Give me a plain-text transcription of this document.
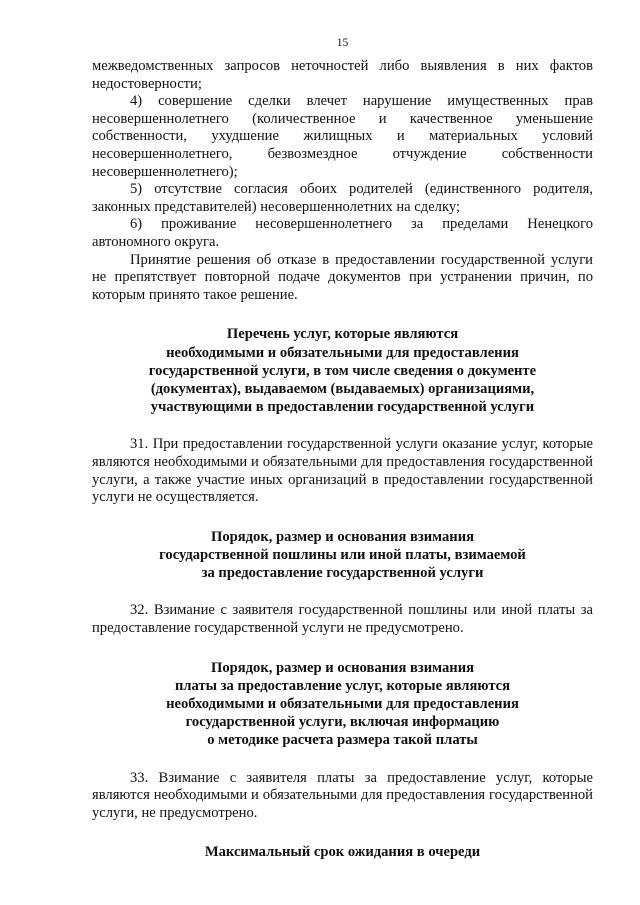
15

межведомственных запросов неточностей либо выявления в них фактов недостоверности;

4) совершение сделки влечет нарушение имущественных прав несовершеннолетнего (количественное и качественное уменьшение собственности, ухудшение жилищных и материальных условий несовершеннолетнего, безвозмездное отчуждение собственности несовершеннолетнего);

5) отсутствие согласия обоих родителей (единственного родителя, законных представителей) несовершеннолетних на сделку;

6) проживание несовершеннолетнего за пределами Ненецкого автономного округа.

Принятие решения об отказе в предоставлении государственной услуги не препятствует повторной подаче документов при устранении причин, по которым принято такое решение.

Перечень услуг, которые являются
необходимыми и обязательными для предоставления
государственной услуги, в том числе сведения о документе
(документах), выдаваемом (выдаваемых) организациями,
участвующими в предоставлении государственной услуги

31. При предоставлении государственной услуги оказание услуг, которые являются необходимыми и обязательными для предоставления государственной услуги, а также участие иных организаций в предоставлении государственной услуги не осуществляется.

Порядок, размер и основания взимания
государственной пошлины или иной платы, взимаемой
за предоставление государственной услуги

32. Взимание с заявителя государственной пошлины или иной платы за предоставление государственной услуги не предусмотрено.

Порядок, размер и основания взимания
платы за предоставление услуг, которые являются
необходимыми и обязательными для предоставления
государственной услуги, включая информацию
о методике расчета размера такой платы

33. Взимание с заявителя платы за предоставление услуг, которые являются необходимыми и обязательными для предоставления государственной услуги, не предусмотрено.

Максимальный срок ожидания в очереди
